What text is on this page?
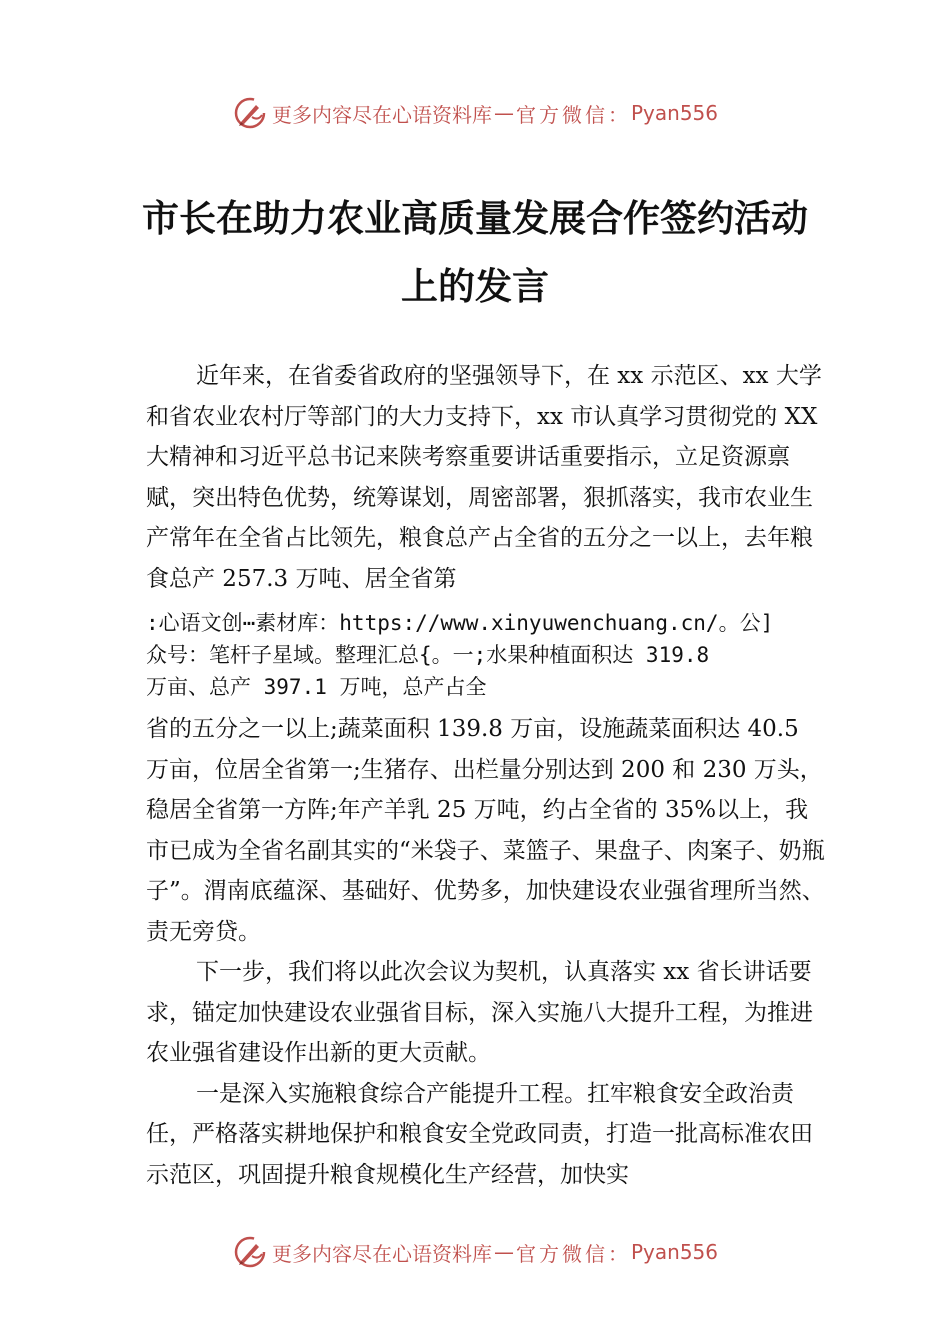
更多内容尽在心语资料库 — 官方微信： Pyan556
市长在助力农业高质量发展合作签约活动
上的发言

近年来，在省委省政府的坚强领导下，在 xx 示范区、xx 大学和省农业农村厅等部门的大力支持下，xx 市认真学习贯彻党的 XX 大精神和习近平总书记来陕考察重要讲话重要指示，立足资源禀赋，突出特色优势，统筹谋划，周密部署，狠抓落实，我市农业生产常年在全省占比领先，粮食总产占全省的五分之一以上，去年粮食总产 257.3 万吨、居全省第

:心语文创⋯素材库：https://www.xinyuwenchuang.cn/。公]
众号：笔杆子星域。整理汇总{。一;水果种植面积达 319.8
万亩、总产 397.1 万吨，总产占全

省的五分之一以上;蔬菜面积 139.8 万亩，设施蔬菜面积达 40.5 万亩，位居全省第一;生猪存、出栏量分别达到 200 和 230 万头，稳居全省第一方阵;年产羊乳 25 万吨，约占全省的 35%以上，我市已成为全省名副其实的“米袋子、菜篮子、果盘子、肉案子、奶瓶子”。渭南底蕴深、基础好、优势多，加快建设农业强省理所当然、责无旁贷。

下一步，我们将以此次会议为契机，认真落实 xx 省长讲话要求，锚定加快建设农业强省目标，深入实施八大提升工程，为推进农业强省建设作出新的更大贡献。

一是深入实施粮食综合产能提升工程。扛牢粮食安全政治责任，严格落实耕地保护和粮食安全党政同责，打造一批高标准农田示范区，巩固提升粮食规模化生产经营，加快实

更多内容尽在心语资料库 — 官方微信： Pyan556
